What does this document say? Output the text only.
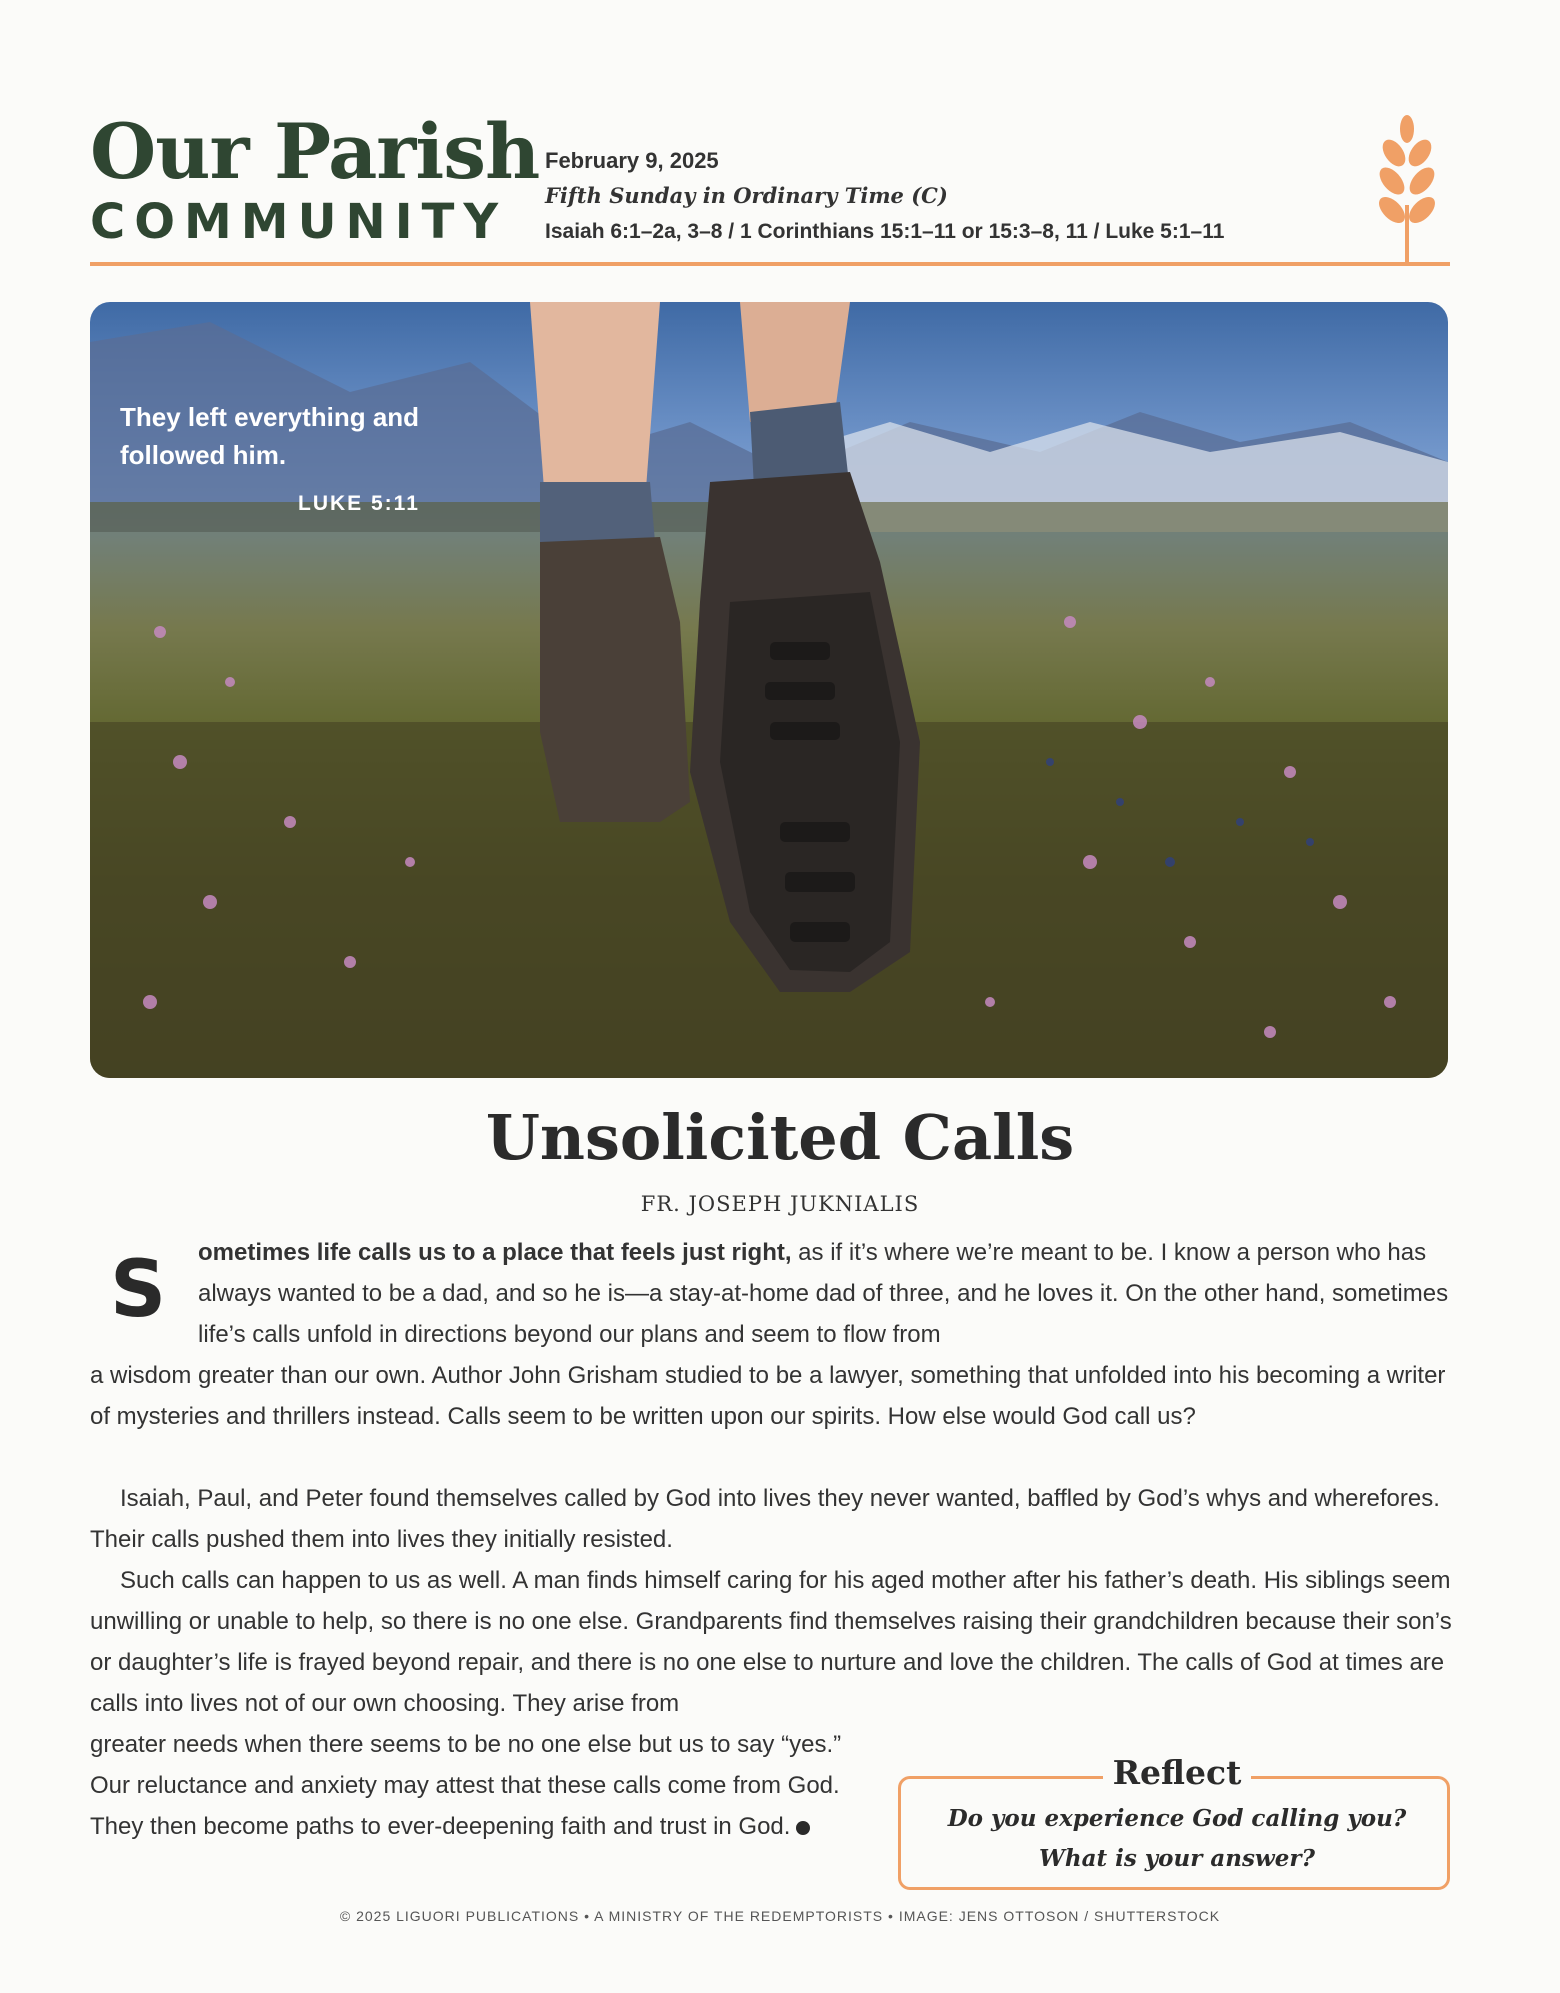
Our Parish
COMMUNITY
February 9, 2025
Fifth Sunday in Ordinary Time (C)
Isaiah 6:1–2a, 3–8 / 1 Corinthians 15:1–11 or 15:3–8, 11 / Luke 5:1–11
They left everything and followed him.
LUKE 5:11
Unsolicited Calls
FR. JOSEPH JUKNIALIS
S ometimes life calls us to a place that feels just right, as if it’s where we’re meant to be. I know a person who has always wanted to be a dad, and so he is—a stay-at-home dad of three, and he loves it. On the other hand, sometimes life’s calls unfold in directions beyond our plans and seem to flow from
a wisdom greater than our own. Author John Grisham studied to be a lawyer, something that unfolded into his becoming a writer of mysteries and thrillers instead. Calls seem to be written upon our spirits. How else would God call us?
Isaiah, Paul, and Peter found themselves called by God into lives they never wanted, baffled by God’s whys and wherefores. Their calls pushed them into lives they initially resisted.
Such calls can happen to us as well. A man finds himself caring for his aged mother after his father’s death. His siblings seem unwilling or unable to help, so there is no one else. Grandparents find themselves raising their grandchildren because their son’s or daughter’s life is frayed beyond repair, and there is no one else to nurture and love the children. The calls of God at times are calls into lives not of our own choosing. They arise from
greater needs when there seems to be no one else but us to say “yes.” Our reluctance and anxiety may attest that these calls come from God. They then become paths to ever-deepening faith and trust in God.
Reflect
Do you experience God calling you?
What is your answer?
© 2025 LIGUORI PUBLICATIONS • A MINISTRY OF THE REDEMPTORISTS • IMAGE: JENS OTTOSON / SHUTTERSTOCK
